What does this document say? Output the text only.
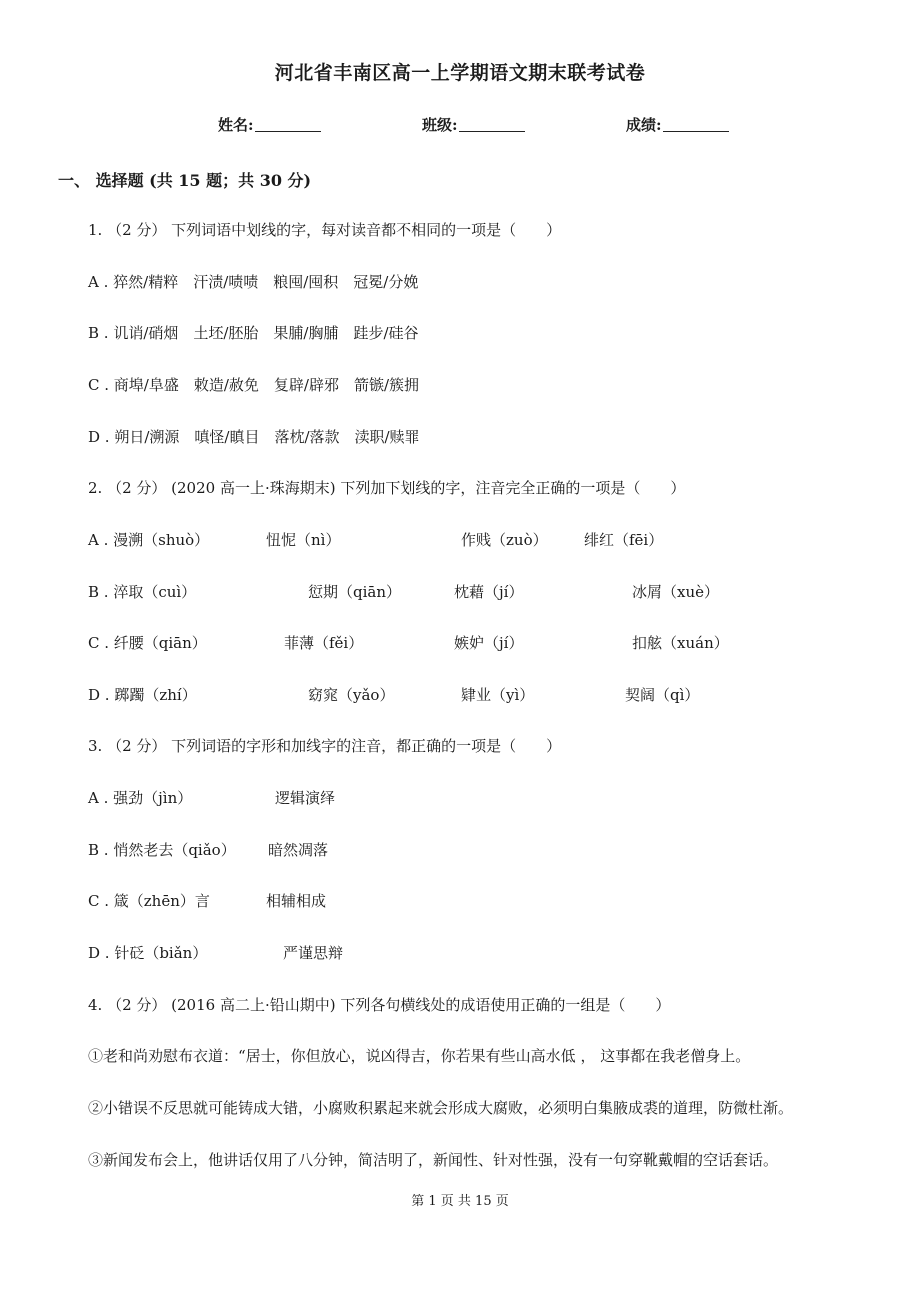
河北省丰南区高一上学期语文期末联考试卷
姓名:	班级:	成绩:
一、 选择题 (共 15 题；共 30 分)
1. （2 分） 下列词语中划线的字，每对读音都不相同的一项是（　　）
A . 猝然/精粹　汗渍/啧啧　粮囤/囤积　冠冕/分娩
B . 讥诮/硝烟　土坯/胚胎　果脯/胸脯　跬步/硅谷
C . 商埠/阜盛　敕造/赦免　复辟/辟邪　箭镞/簇拥
D . 朔日/溯源　嗔怪/瞋目　落枕/落款　渎职/赎罪
2. （2 分） (2020 高一上·珠海期末) 下列加下划线的字，注音完全正确的一项是（　　）
A . 漫溯（shuò）	忸怩（nì）	作贱（zuò） 绯红（fēi）
B . 淬取（cuì）	愆期（qiān）	枕藉（jí）	冰屑（xuè）
C . 纤腰（qiān）	菲薄（fěi）	嫉妒（jí）	扣舷（xuán）
D . 踯躅（zhí）	窈窕（yǎo）	肄业（yì）	契阔（qì）
3. （2 分） 下列词语的字形和加线字的注音，都正确的一项是（　　）
A . 强劲（jìn）	逻辑演绎
B . 悄然老去（qiǎo） 暗然凋落
C . 箴（zhēn）言	相辅相成
D . 针砭（biǎn）	严谨思辩
4. （2 分） (2016 高二上·铅山期中) 下列各句横线处的成语使用正确的一组是（　　）
①老和尚劝慰布衣道：“居士，你但放心，说凶得吉，你若果有些山高水低 ， 这事都在我老僧身上。
②小错误不反思就可能铸成大错，小腐败积累起来就会形成大腐败，必须明白集腋成裘的道理，防微杜渐。
③新闻发布会上，他讲话仅用了八分钟，简洁明了，新闻性、针对性强，没有一句穿靴戴帽的空话套话。
第 1 页 共 15 页
